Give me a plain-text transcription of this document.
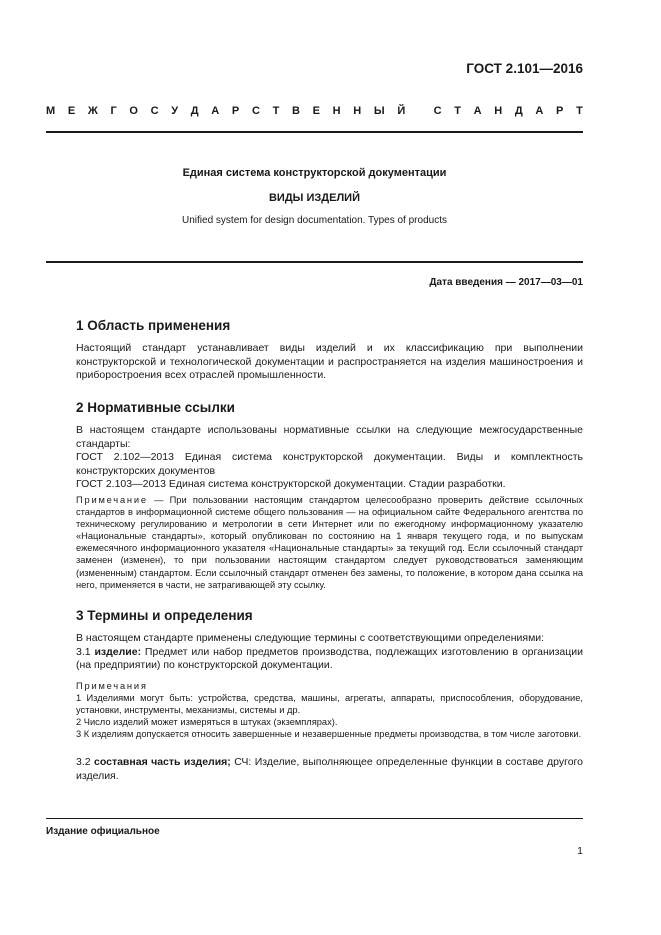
ГОСТ 2.101—2016
М Е Ж Г О С У Д А Р С Т В Е Н Н Ы Й
	С Т А Н Д А Р Т
Единая система конструкторской документации
ВИДЫ ИЗДЕЛИЙ
Unified system for design documentation. Types of products
Дата введения — 2017—03—01
1 Область применения
Настоящий стандарт устанавливает виды изделий и их классификацию при выполнении конструкторской и технологической документации и распространяется на изделия машиностроения и приборостроения всех отраслей промышленности.
2 Нормативные ссылки
В настоящем стандарте использованы нормативные ссылки на следующие межгосударственные стандарты:
ГОСТ 2.102—2013 Единая система конструкторской документации. Виды и комплектность конструкторских документов
ГОСТ 2.103—2013 Единая система конструкторской документации. Стадии разработки.
Примечание — При пользовании настоящим стандартом целесообразно проверить действие ссылочных стандартов в информационной системе общего пользования — на официальном сайте Федерального агентства по техническому регулированию и метрологии в сети Интернет или по ежегодному информационному указателю «Национальные стандарты», который опубликован по состоянию на 1 января текущего года, и по выпускам ежемесячного информационного указателя «Национальные стандарты» за текущий год. Если ссылочный стандарт заменен (изменен), то при пользовании настоящим стандартом следует руководствоваться заменяющим (измененным) стандартом. Если ссылочный стандарт отменен без замены, то положение, в котором дана ссылка на него, применяется в части, не затрагивающей эту ссылку.
3 Термины и определения
В настоящем стандарте применены следующие термины с соответствующими определениями:
3.1 изделие: Предмет или набор предметов производства, подлежащих изготовлению в организации (на предприятии) по конструкторской документации.
Примечания
1 Изделиями могут быть: устройства, средства, машины, агрегаты, аппараты, приспособления, оборудование, установки, инструменты, механизмы, системы и др.
2 Число изделий может измеряться в штуках (экземплярах).
3 К изделиям допускается относить завершенные и незавершенные предметы производства, в том числе заготовки.
3.2 составная часть изделия; СЧ: Изделие, выполняющее определенные функции в составе другого изделия.
Издание официальное
1
